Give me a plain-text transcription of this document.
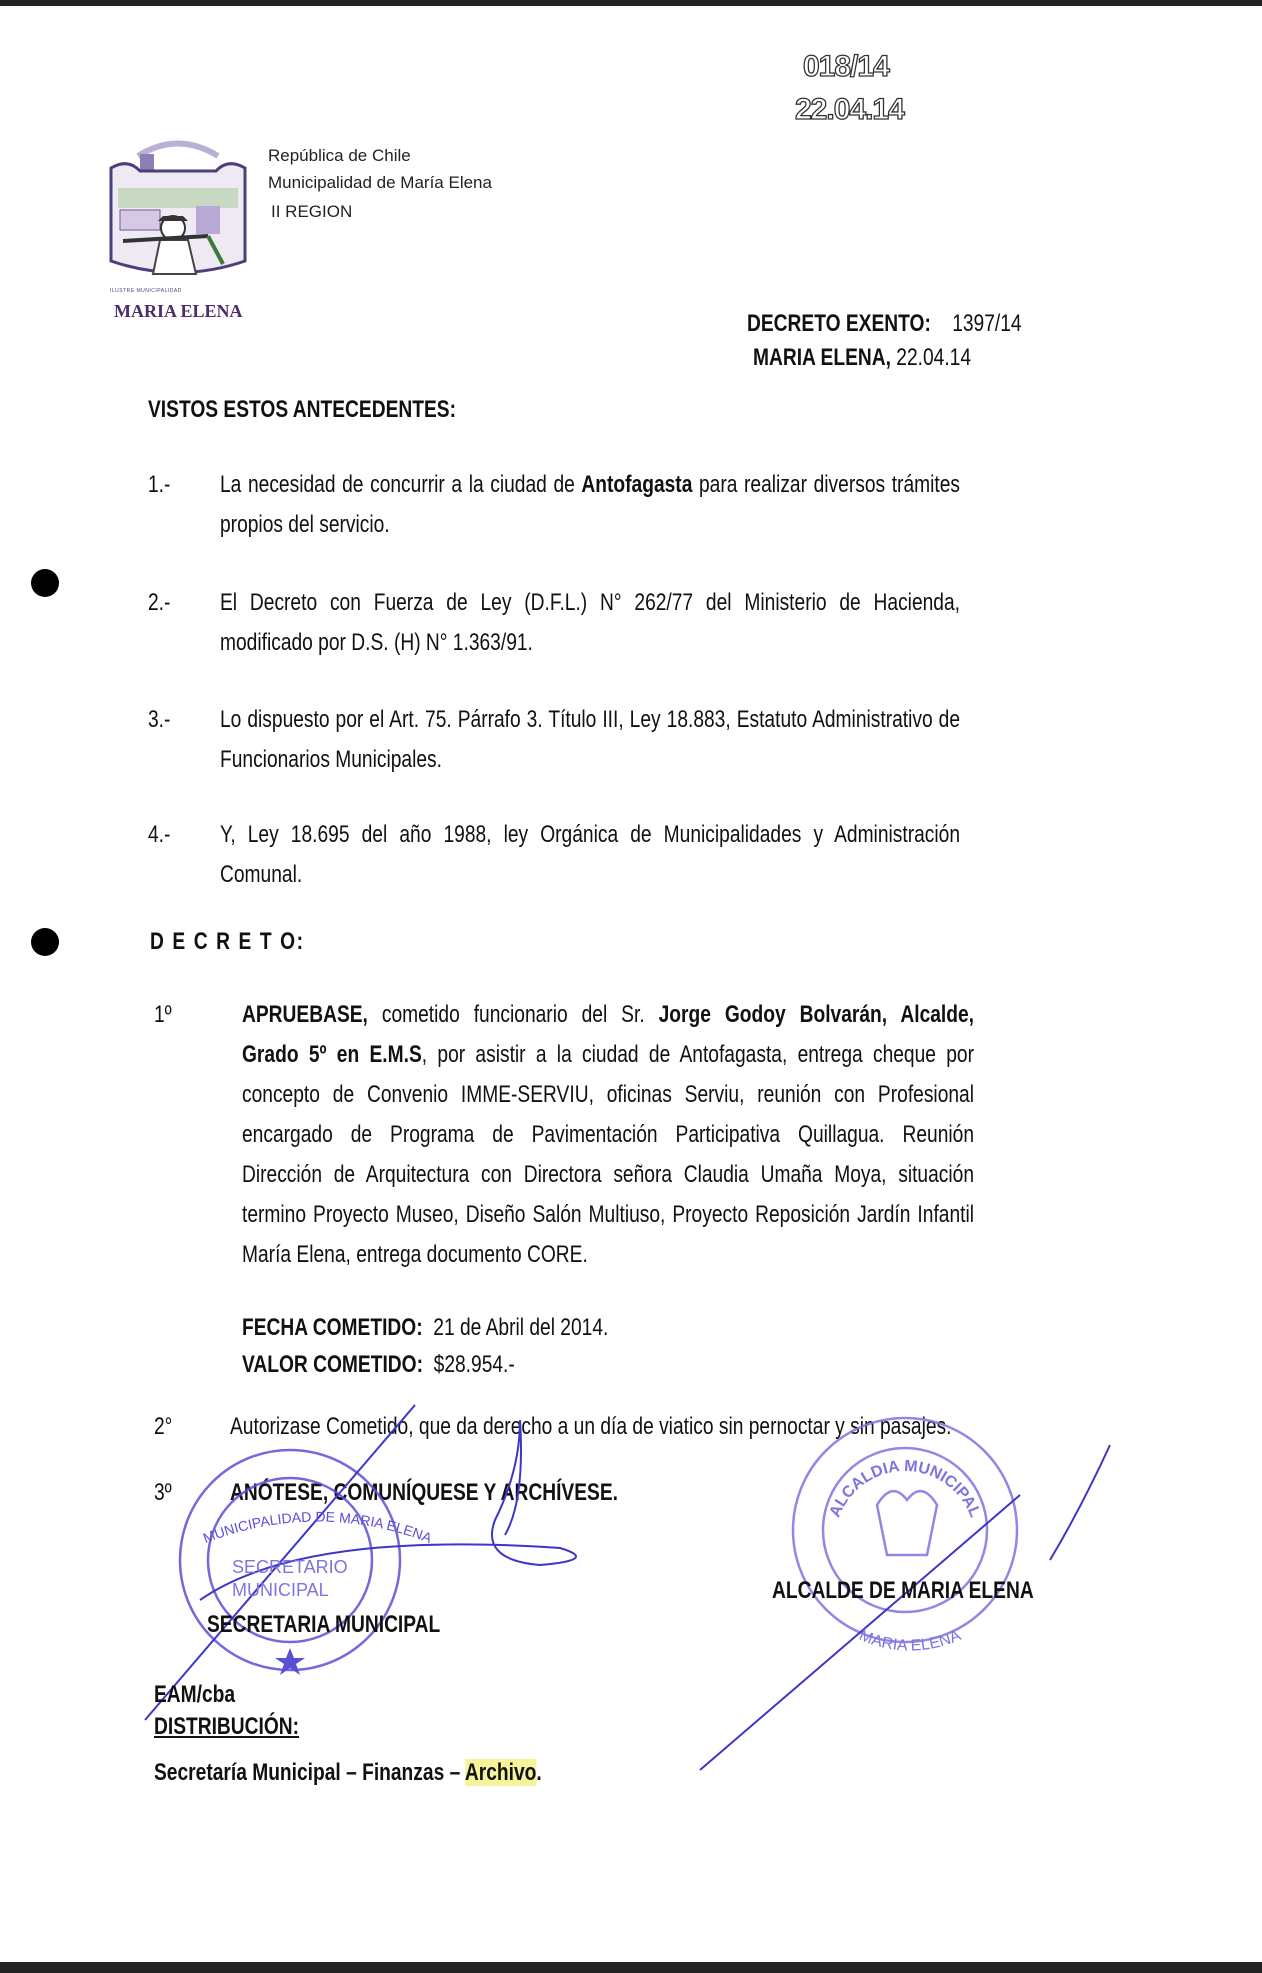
018/14
22.04.14
ILUSTRE MUNICIPALIDAD
MARIA ELENA
República de Chile
Municipalidad de María Elena
II REGION
DECRETO EXENTO: 1397/14
MARIA ELENA, 22.04.14
VISTOS ESTOS ANTECEDENTES:
D E C R E T O:
1º
FECHA COMETIDO: 21 de Abril del 2014.
VALOR COMETIDO: $28.954.-
2° Autorizase Cometido, que da derecho a un día de viatico sin pernoctar y sin pasajes.
3º ANÓTESE, COMUNÍQUESE Y ARCHÍVESE.
MUNICIPALIDAD DE MARIA ELENA
SECRETARIO
MUNICIPAL
ALCALDIA MUNICIPAL
MARIA ELENA
SECRETARIA MUNICIPAL
ALCALDE DE MARIA ELENA
EAM/cba
DISTRIBUCIÓN:
Secretaría Municipal – Finanzas – Archivo.
1.- La necesidad de concurrir a la ciudad de Antofagasta para realizar diversos trámites
propios del servicio.
2.- El Decreto con Fuerza de Ley (D.F.L.) N° 262/77 del Ministerio de Hacienda,
modificado por D.S. (H) N° 1.363/91.
3.- Lo dispuesto por el Art. 75. Párrafo 3. Título III, Ley 18.883, Estatuto Administrativo de
Funcionarios Municipales.
4.- Y, Ley 18.695 del año 1988, ley Orgánica de Municipalidades y Administración
Comunal.
APRUEBASE, cometido funcionario del Sr. Jorge Godoy Bolvarán, Alcalde,
Grado 5º en E.M.S, por asistir a la ciudad de Antofagasta, entrega cheque por
concepto de Convenio IMME-SERVIU, oficinas Serviu, reunión con Profesional
encargado de Programa de Pavimentación Participativa Quillagua. Reunión
Dirección de Arquitectura con Directora señora Claudia Umaña Moya, situación
termino Proyecto Museo, Diseño Salón Multiuso, Proyecto Reposición Jardín Infantil
María Elena, entrega documento CORE.
